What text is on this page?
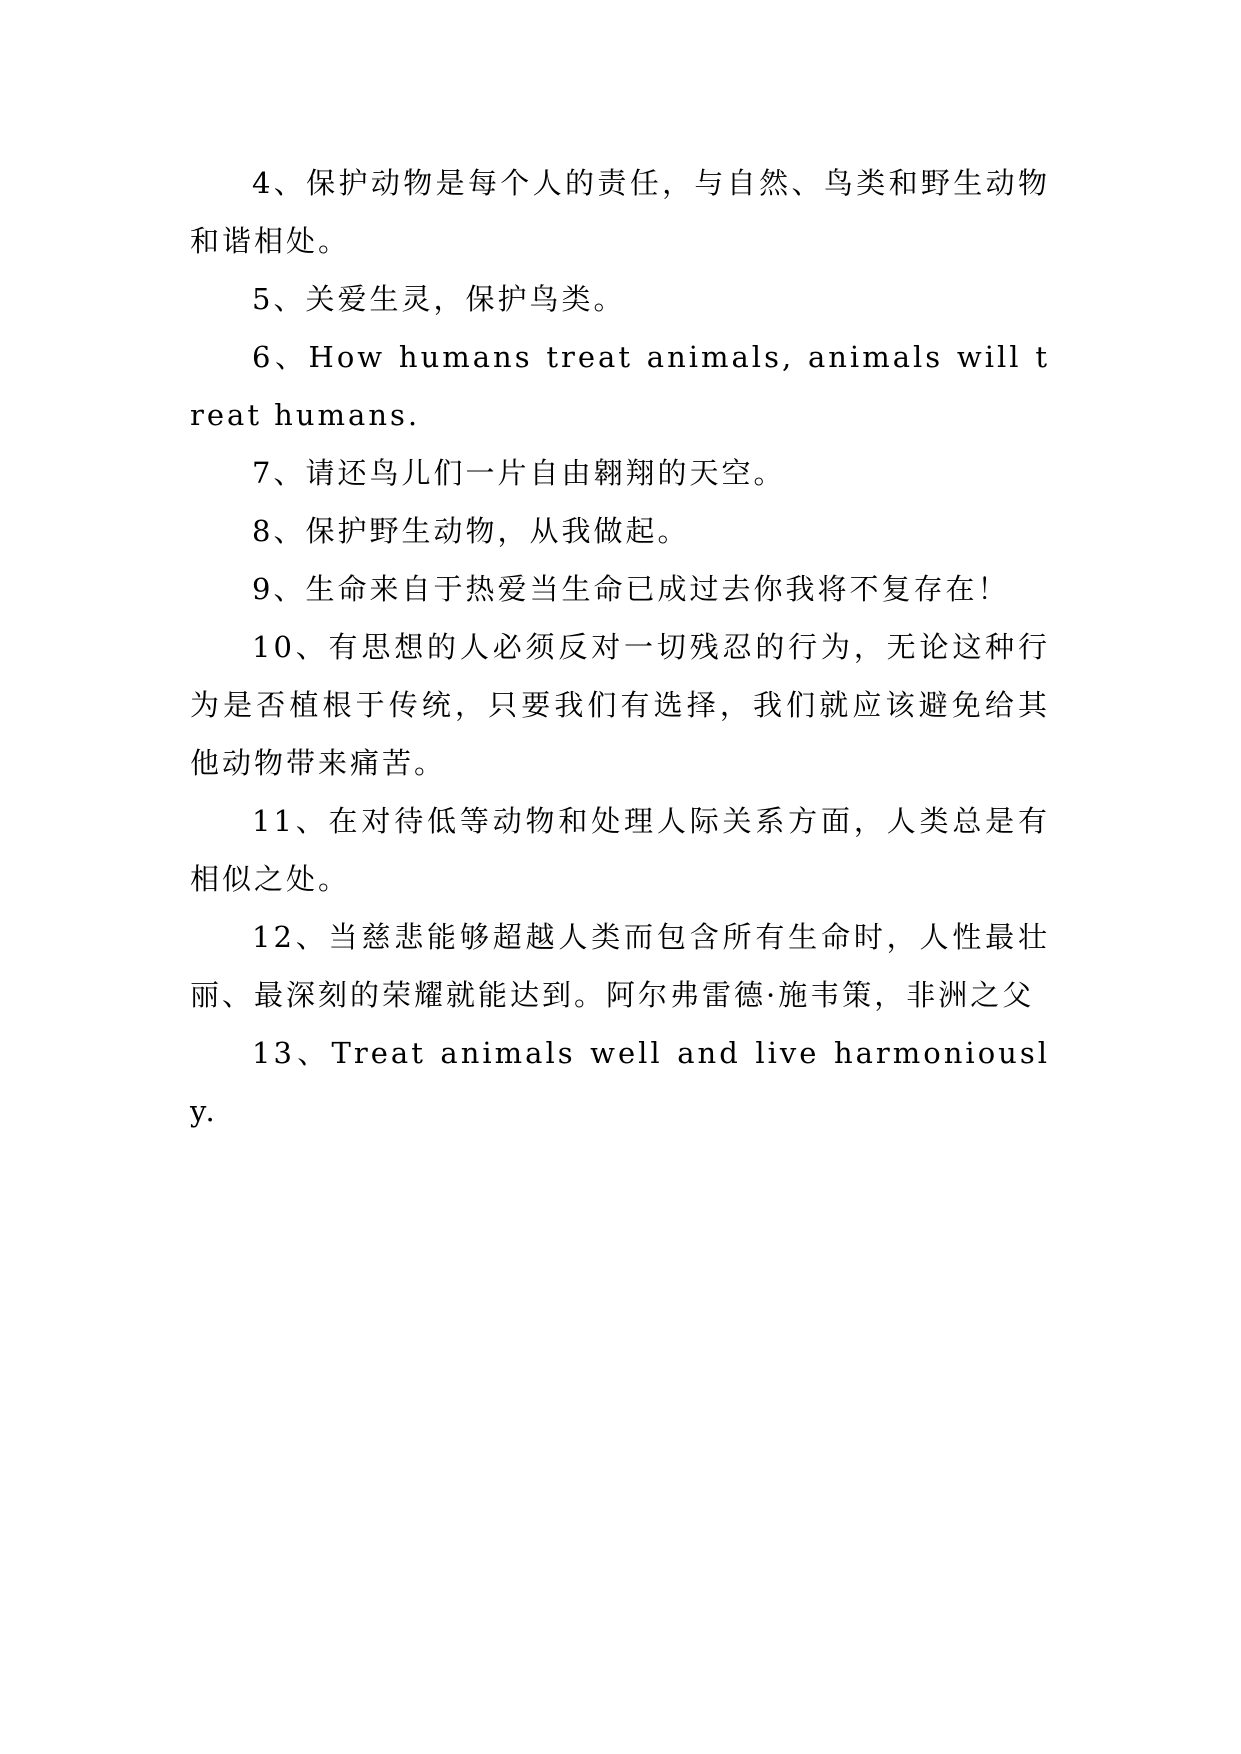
4、保护动物是每个人的责任，与自然、鸟类和野生动物和谐相处。

5、关爱生灵，保护鸟类。

6、How humans treat animals, animals will treat humans.

7、请还鸟儿们一片自由翱翔的天空。

8、保护野生动物，从我做起。

9、生命来自于热爱当生命已成过去你我将不复存在！

10、有思想的人必须反对一切残忍的行为，无论这种行为是否植根于传统，只要我们有选择，我们就应该避免给其他动物带来痛苦。

11、在对待低等动物和处理人际关系方面，人类总是有相似之处。

12、当慈悲能够超越人类而包含所有生命时，人性最壮丽、最深刻的荣耀就能达到。阿尔弗雷德·施韦策，非洲之父

13、Treat animals well and live harmoniously.
